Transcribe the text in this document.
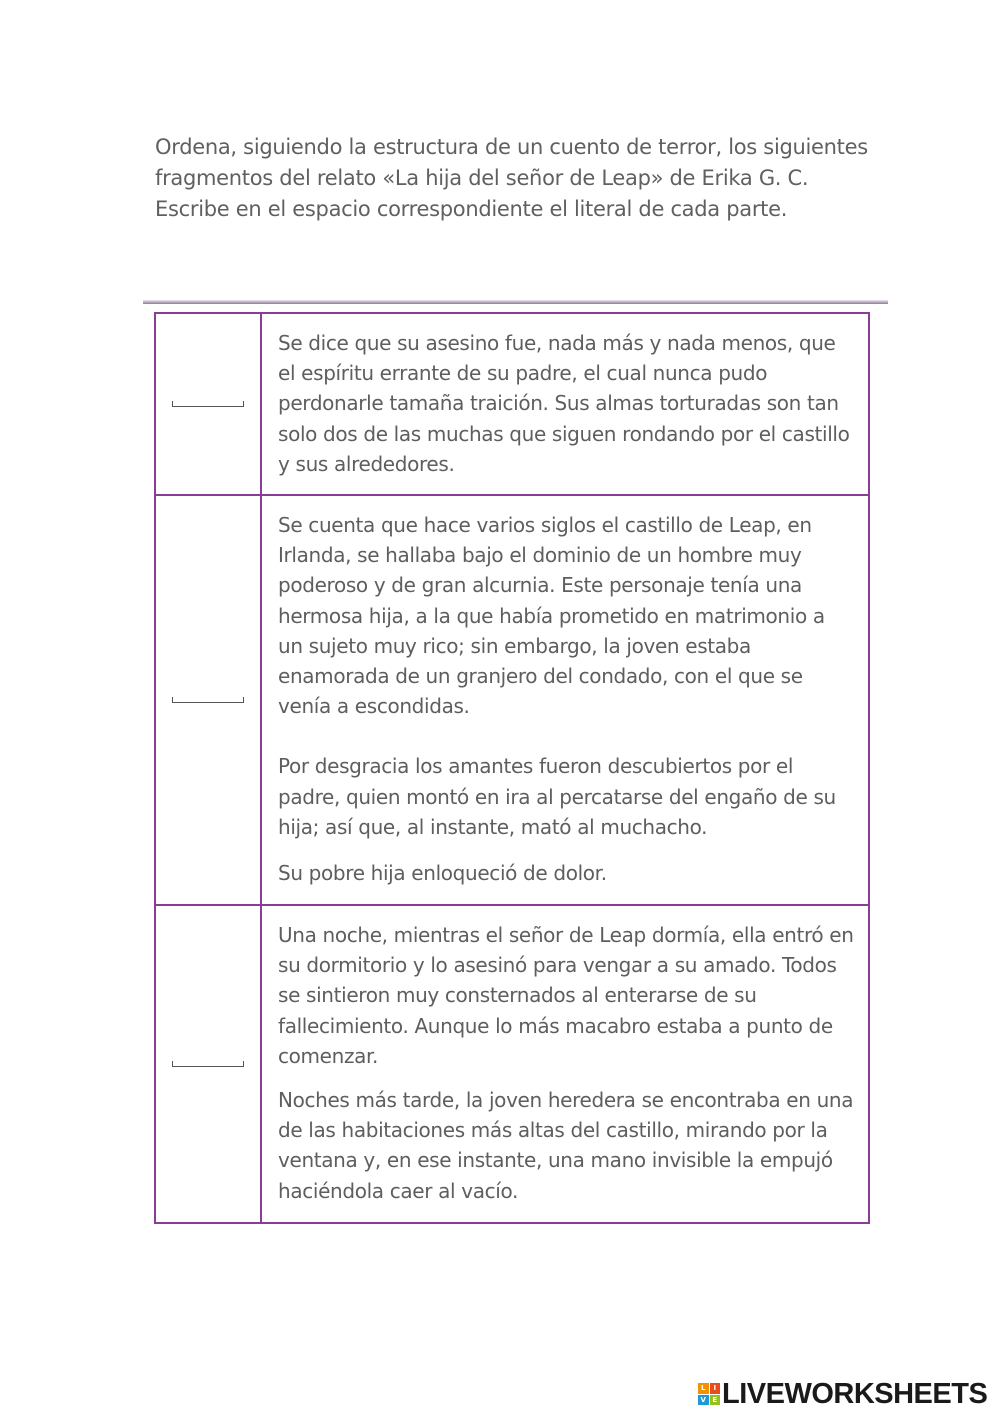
Ordena, siguiendo la estructura de un cuento de terror, los siguientes fragmentos del relato «La hija del señor de Leap» de Erika G. C. Escribe en el espacio correspondiente el literal de cada parte.

Se dice que su asesino fue, nada más y nada menos, que el espíritu errante de su padre, el cual nunca pudo perdonarle tamaña traición. Sus almas torturadas son tan solo dos de las muchas que siguen rondando por el castillo y sus alrededores.

Se cuenta que hace varios siglos el castillo de Leap, en Irlanda, se hallaba bajo el dominio de un hombre muy poderoso y de gran alcurnia. Este personaje tenía una hermosa hija, a la que había prometido en matrimonio a un sujeto muy rico; sin embargo, la joven estaba enamorada de un granjero del condado, con el que se venía a escondidas.

Por desgracia los amantes fueron descubiertos por el padre, quien montó en ira al percatarse del engaño de su hija; así que, al instante, mató al muchacho.

Su pobre hija enloqueció de dolor.

Una noche, mientras el señor de Leap dormía, ella entró en su dormitorio y lo asesinó para vengar a su amado. Todos se sintieron muy consternados al enterarse de su fallecimiento. Aunque lo más macabro estaba a punto de comenzar.

Noches más tarde, la joven heredera se encontraba en una de las habitaciones más altas del castillo, mirando por la ventana y, en ese instante, una mano invisible la empujó haciéndola caer al vacío.

L	I
V E LIVEWORKSHEETS
